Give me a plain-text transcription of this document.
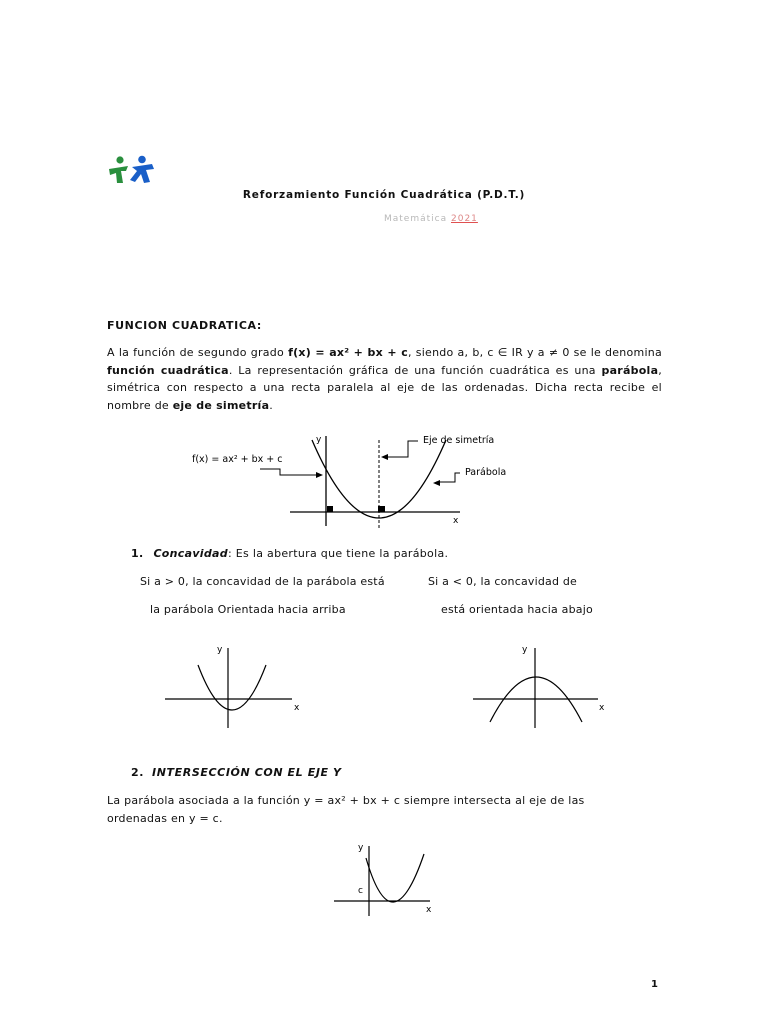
Reforzamiento Función Cuadrática (P.D.T.)
Matemática 2021
FUNCION CUADRATICA:
A la función de segundo grado f(x) = ax² + bx + c, siendo a, b, c ∈ IR y a ≠ 0 se le denomina función cuadrática. La representación gráfica de una función cuadrática es una parábola, simétrica con respecto a una recta paralela al eje de las ordenadas. Dicha recta recibe el nombre de eje de simetría.
y
x
f(x) = ax² + bx + c
Eje de simetría
Parábola
1. Concavidad: Es la abertura que tiene la parábola.
Si a > 0, la concavidad de la parábola está
la parábola Orientada hacia arriba
Si a < 0, la concavidad de
está orientada hacia abajo
y
x
y
x
2. INTERSECCIÓN CON EL EJE Y
La parábola asociada a la función y = ax² + bx + c siempre intersecta al eje de las
ordenadas en y = c.
y
x
c
1
